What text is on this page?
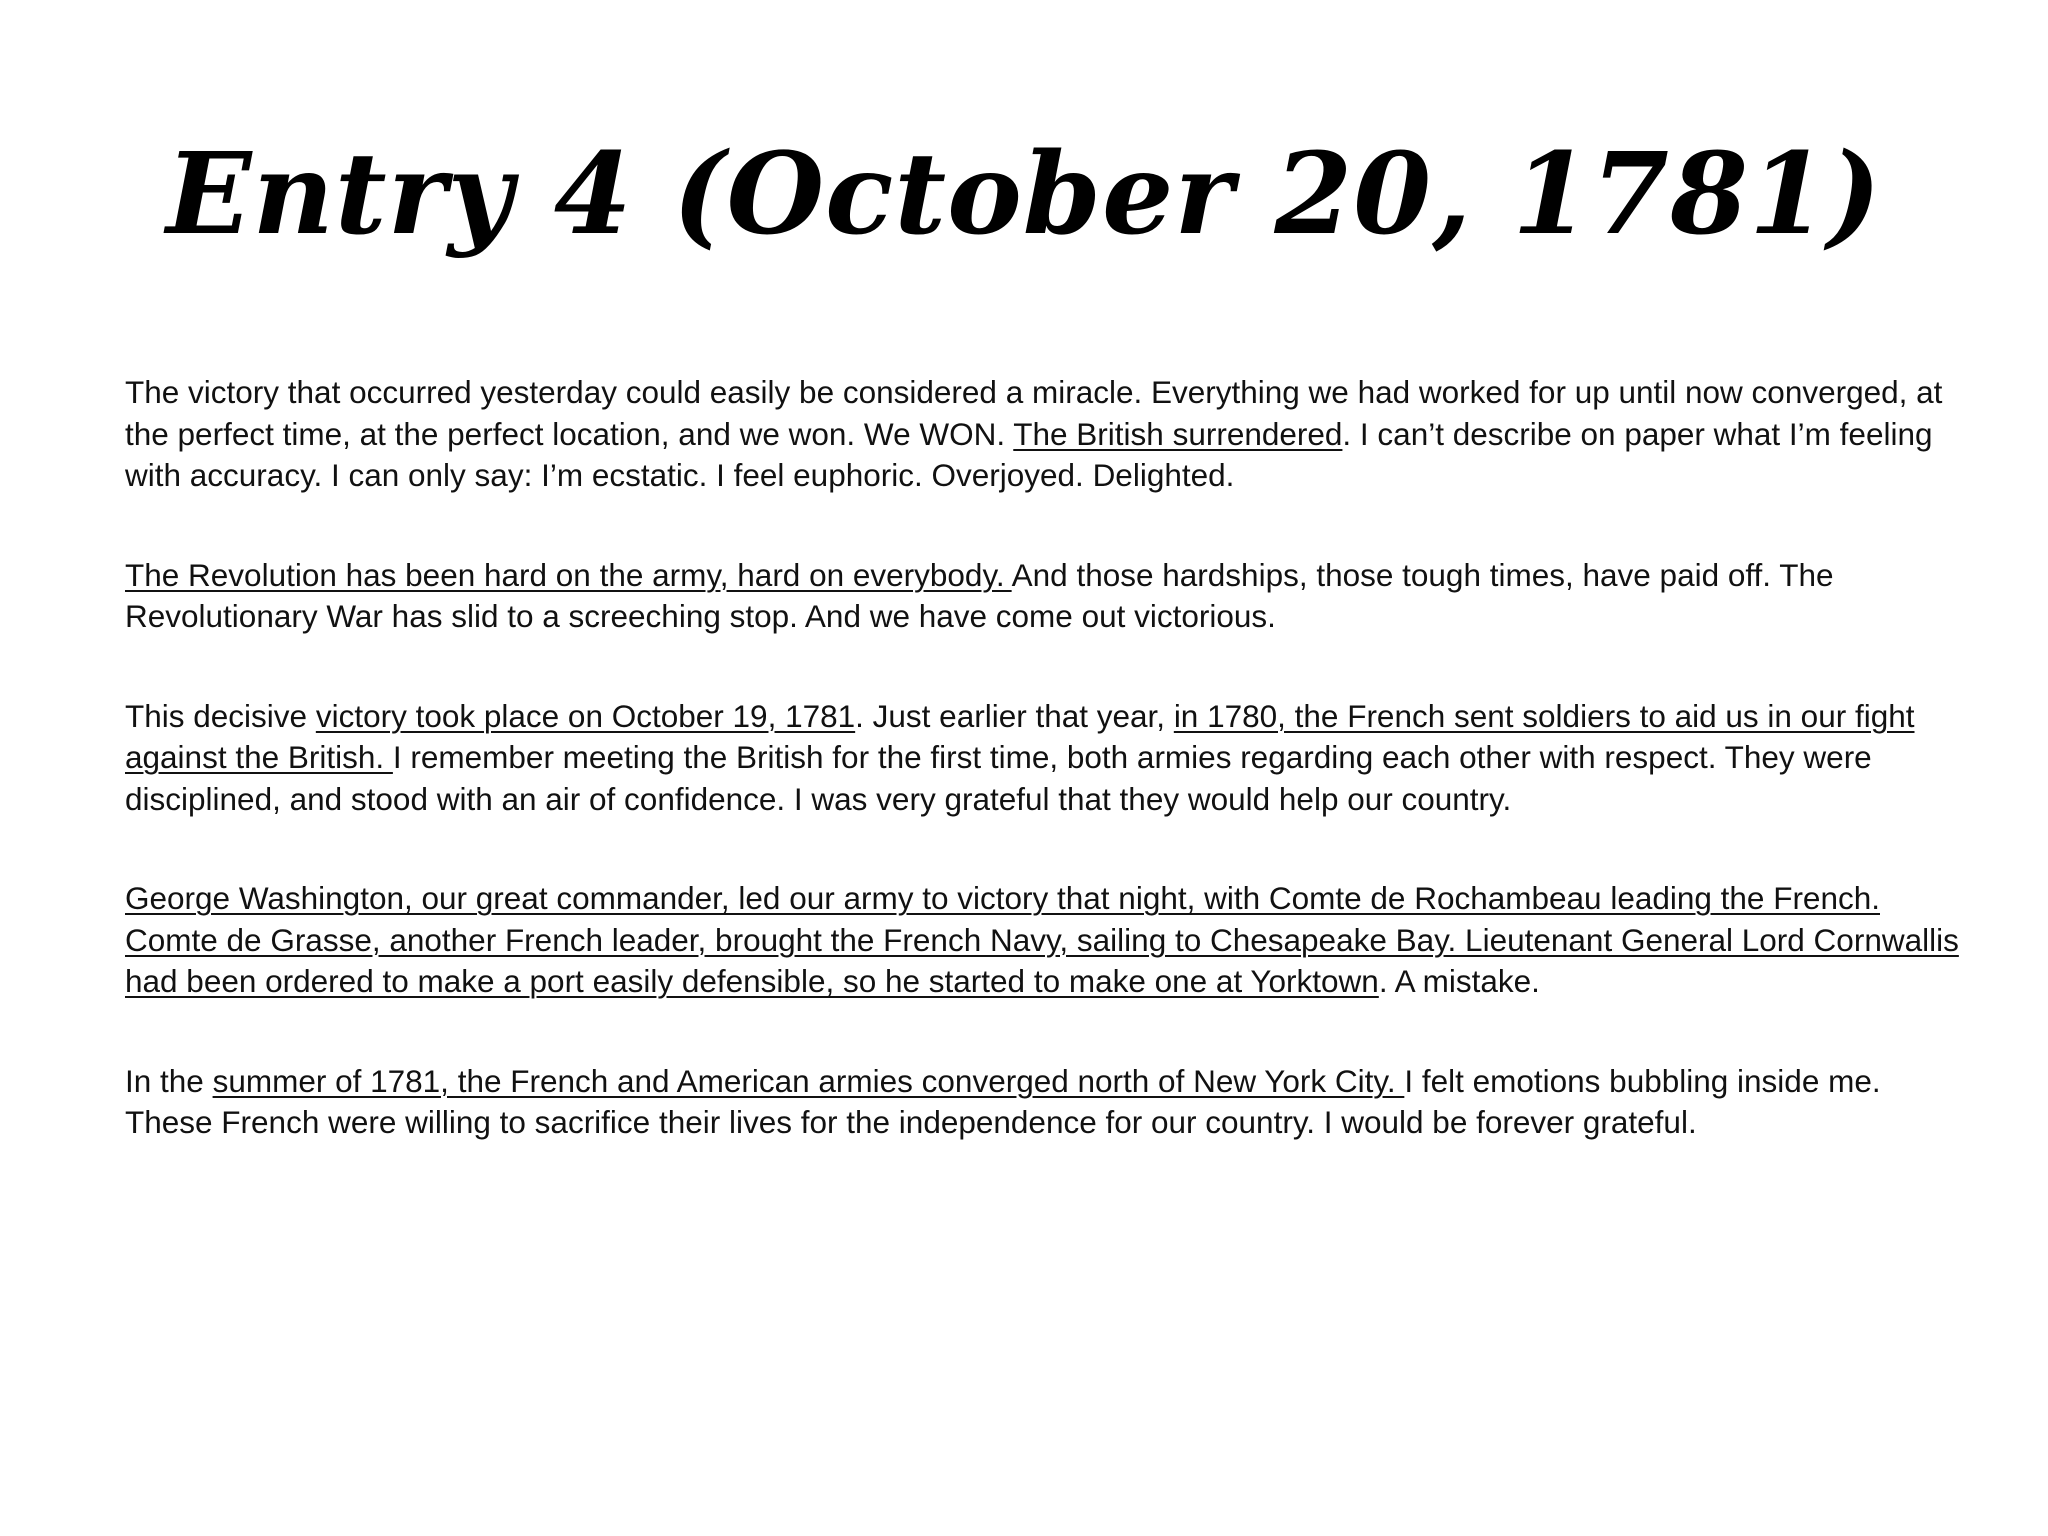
Entry 4 (October 20, 1781)

The victory that occurred yesterday could easily be considered a miracle. Everything we had worked for up until now converged, at the perfect time, at the perfect location, and we won. We WON. The British surrendered. I can’t describe on paper what I’m feeling with accuracy. I can only say: I’m ecstatic. I feel euphoric. Overjoyed. Delighted.

The Revolution has been hard on the army, hard on everybody. And those hardships, those tough times, have paid off. The Revolutionary War has slid to a screeching stop. And we have come out victorious.

This decisive victory took place on October 19, 1781. Just earlier that year, in 1780, the French sent soldiers to aid us in our fight against the British. I remember meeting the British for the first time, both armies regarding each other with respect. They were disciplined, and stood with an air of confidence. I was very grateful that they would help our country.

George Washington, our great commander, led our army to victory that night, with Comte de Rochambeau leading the French. Comte de Grasse, another French leader, brought the French Navy, sailing to Chesapeake Bay. Lieutenant General Lord Cornwallis had been ordered to make a port easily defensible, so he started to make one at Yorktown. A mistake.

In the summer of 1781, the French and American armies converged north of New York City. I felt emotions bubbling inside me. These French were willing to sacrifice their lives for the independence for our country. I would be forever grateful.
